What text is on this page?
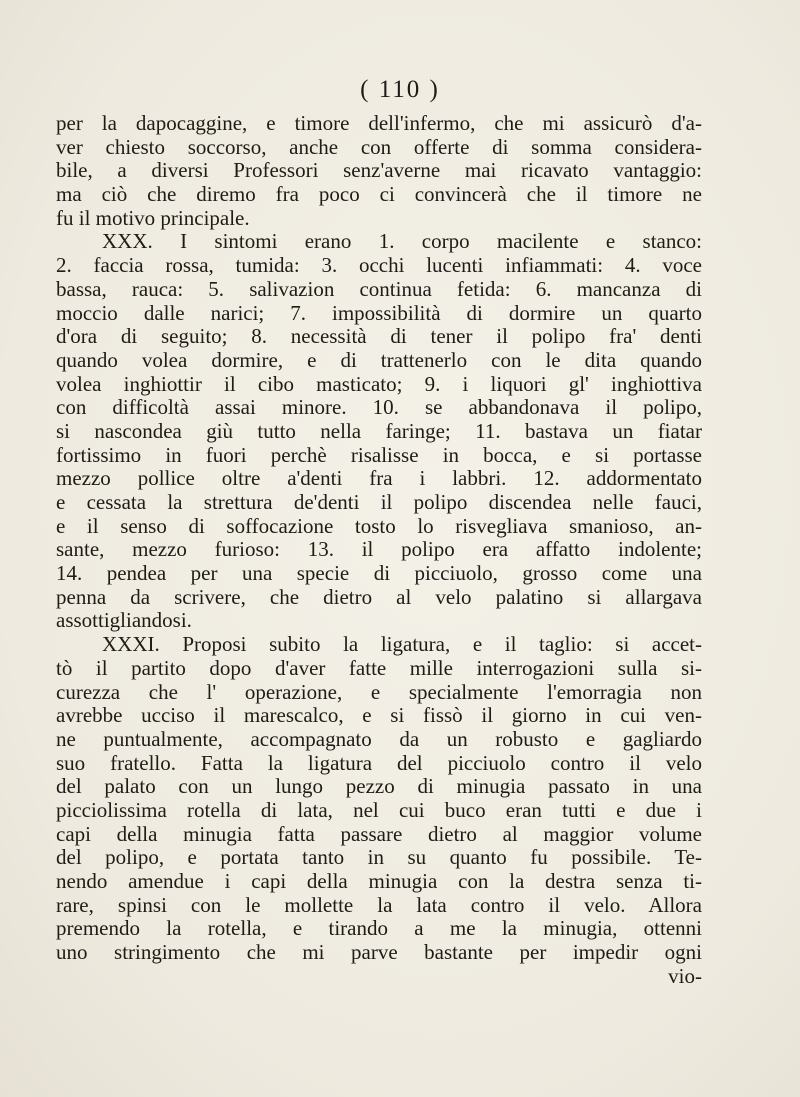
( 110 )
per la dapocaggine, e timore dell'infermo, che mi assicurò d'a-
ver chiesto soccorso, anche con offerte di somma considera-
bile, a diversi Professori senz'averne mai ricavato vantaggio:
ma ciò che diremo fra poco ci convincerà che il timore ne
fu il motivo principale.
XXX. I sintomi erano 1. corpo macilente e stanco:
2. faccia rossa, tumida: 3. occhi lucenti infiammati: 4. voce
bassa, rauca: 5. salivazion continua fetida: 6. mancanza di
moccio dalle narici; 7. impossibilità di dormire un quarto
d'ora di seguito; 8. necessità di tener il polipo fra' denti
quando volea dormire, e di trattenerlo con le dita quando
volea inghiottir il cibo masticato; 9. i liquori gl' inghiottiva
con difficoltà assai minore. 10. se abbandonava il polipo,
si nascondea giù tutto nella faringe; 11. bastava un fiatar
fortissimo in fuori perchè risalisse in bocca, e si portasse
mezzo pollice oltre a'denti fra i labbri. 12. addormentato
e cessata la strettura de'denti il polipo discendea nelle fauci,
e il senso di soffocazione tosto lo risvegliava smanioso, an-
sante, mezzo furioso: 13. il polipo era affatto indolente;
14. pendea per una specie di picciuolo, grosso come una
penna da scrivere, che dietro al velo palatino si allargava
assottigliandosi.
XXXI. Proposi subito la ligatura, e il taglio: si accet-
tò il partito dopo d'aver fatte mille interrogazioni sulla si-
curezza che l' operazione, e specialmente l'emorragia non
avrebbe ucciso il marescalco, e si fissò il giorno in cui ven-
ne puntualmente, accompagnato da un robusto e gagliardo
suo fratello. Fatta la ligatura del picciuolo contro il velo
del palato con un lungo pezzo di minugia passato in una
picciolissima rotella di lata, nel cui buco eran tutti e due i
capi della minugia fatta passare dietro al maggior volume
del polipo, e portata tanto in su quanto fu possibile. Te-
nendo amendue i capi della minugia con la destra senza ti-
rare, spinsi con le mollette la lata contro il velo. Allora
premendo la rotella, e tirando a me la minugia, ottenni
uno stringimento che mi parve bastante per impedir ogni
vio-
